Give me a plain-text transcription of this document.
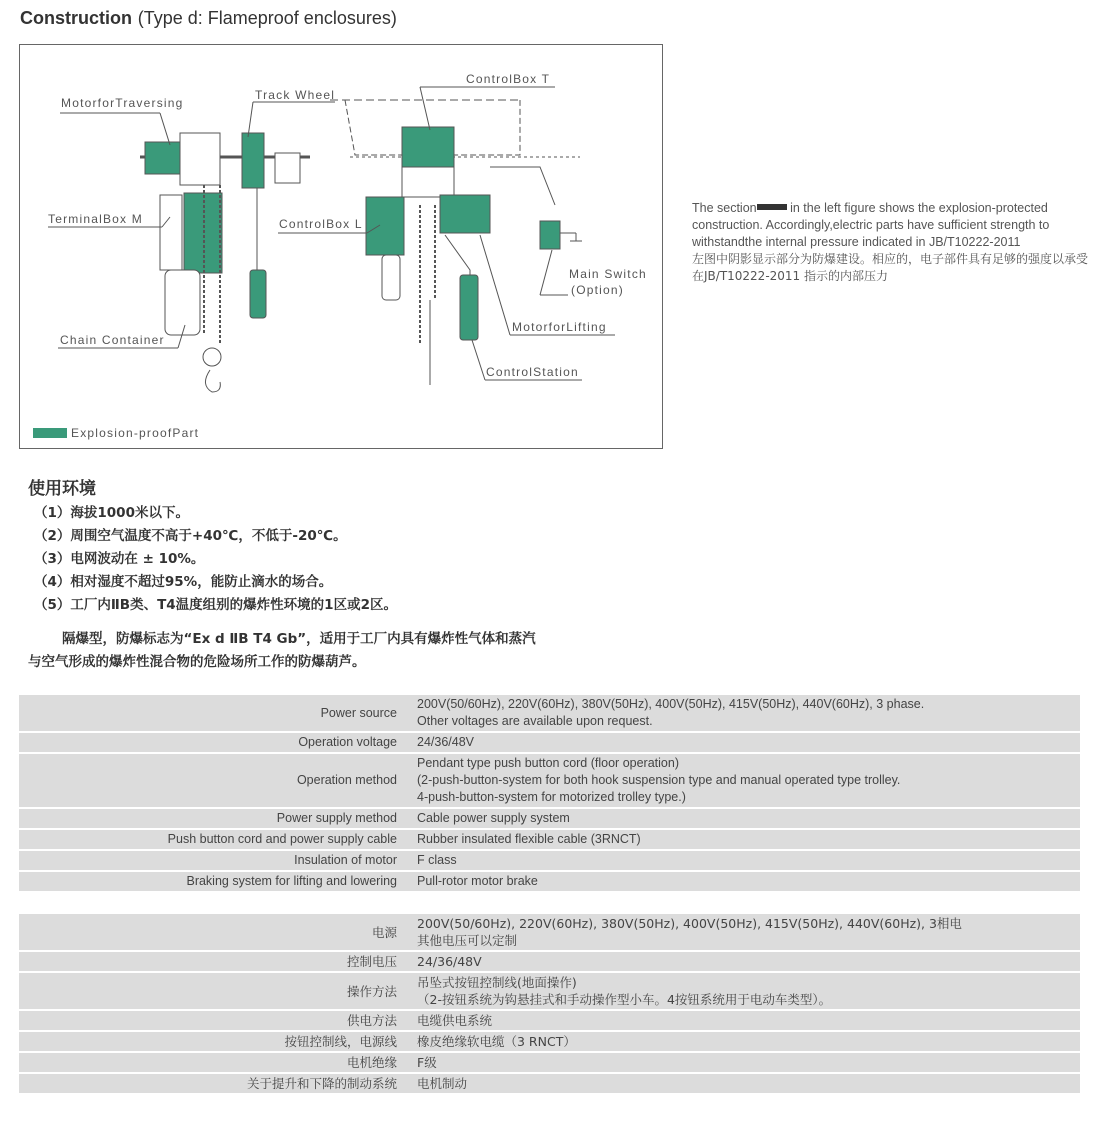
Construction (Type d: Flameproof enclosures)
MotorforTraversing
Track Wheel
ControlBox T
TerminalBox M	ControlBox L
Main Switch
(Option)
MotorforLifting
Chain Container
ControlStation
Explosion-proofPart

The section in the left figure shows the explosion-protected construction. Accordingly,electric parts have sufficient strength to withstandthe internal pressure indicated in JB/T10222-2011

左图中阴影显示部分为防爆建设。相应的，电子部件具有足够的强度以承受在JB/T10222-2011 指示的内部压力

使用环境
（1）海拔1000米以下。
（2）周围空气温度不高于+40℃，不低于-20℃。
（3）电网波动在 ± 10%。
（4）相对湿度不超过95%，能防止滴水的场合。
（5）工厂内ⅡB类、T4温度组别的爆炸性环境的1区或2区。
隔爆型，防爆标志为“Ex d ⅡB T4 Gb”，适用于工厂内具有爆炸性气体和蒸汽
与空气形成的爆炸性混合物的危险场所工作的防爆葫芦。
Power source	200V(50/60Hz), 220V(60Hz), 380V(50Hz), 400V(50Hz), 415V(50Hz), 440V(60Hz), 3 phase.
Other voltages are available upon request.

Operation voltage	24/36/48V

Operation method	Pendant type push button cord (floor operation)
(2-push-button-system for both hook suspension type and manual operated type trolley.
4-push-button-system for motorized trolley type.)

Power supply method	Cable power supply system

Push button cord and power supply cable	Rubber insulated flexible cable (3RNCT)

Insulation of motor	F class

Braking system for lifting and lowering	Pull-rotor motor brake
电源	200V(50/60Hz), 220V(60Hz), 380V(50Hz), 400V(50Hz), 415V(50Hz), 440V(60Hz), 3相电
其他电压可以定制

控制电压	24/36/48V

操作方法	吊坠式按钮控制线(地面操作)
（2-按钮系统为钩悬挂式和手动操作型小车。4按钮系统用于电动车类型）。

供电方法	电缆供电系统

按钮控制线，电源线	橡皮绝缘软电缆（3 RNCT）

电机绝缘	F级

关于提升和下降的制动系统	电机制动
